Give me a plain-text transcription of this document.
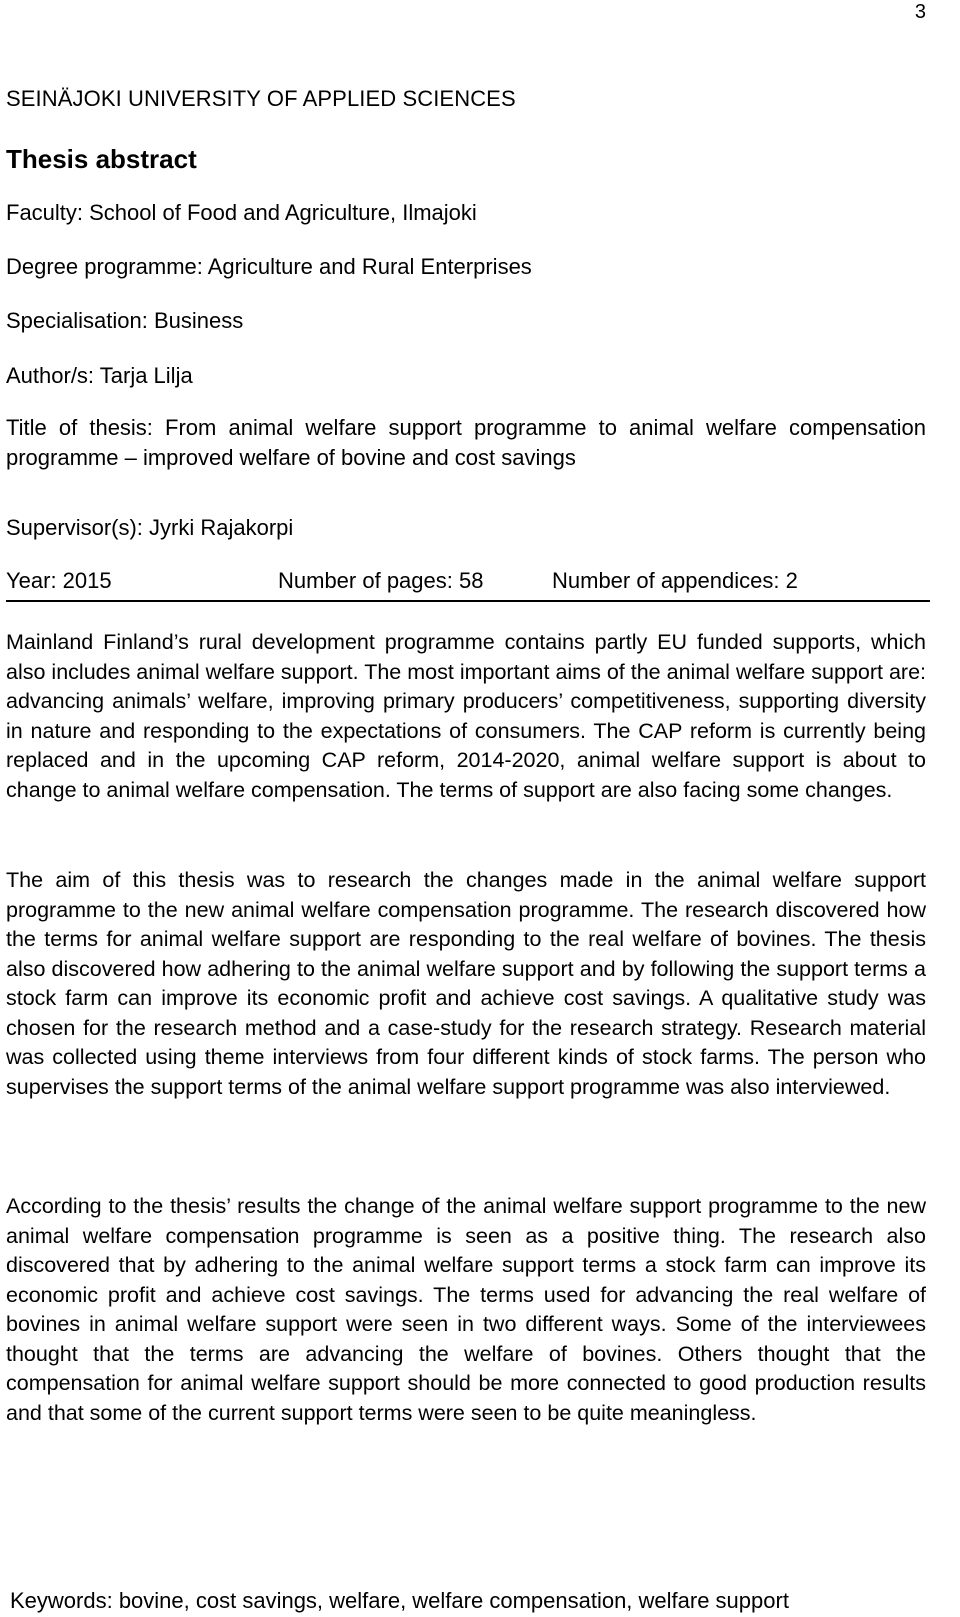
3
SEINÄJOKI UNIVERSITY OF APPLIED SCIENCES
Thesis abstract
Faculty: School of Food and Agriculture, Ilmajoki
Degree programme: Agriculture and Rural Enterprises
Specialisation: Business
Author/s: Tarja Lilja
Title of thesis: From animal welfare support programme to animal welfare compensation programme – improved welfare of bovine and cost savings
Supervisor(s): Jyrki Rajakorpi
Year: 2015	Number of pages: 58	Number of appendices: 2
Mainland Finland’s rural development programme contains partly EU funded supports, which also includes animal welfare support. The most important aims of the animal welfare support are: advancing animals’ welfare, improving primary producers’ competitiveness, supporting diversity in nature and responding to the expectations of consumers. The CAP reform is currently being replaced and in the upcoming CAP reform, 2014-2020, animal welfare support is about to change to animal welfare compensation. The terms of support are also facing some changes.
The aim of this thesis was to research the changes made in the animal welfare support programme to the new animal welfare compensation programme. The research discovered how the terms for animal welfare support are responding to the real welfare of bovines. The thesis also discovered how adhering to the animal welfare support and by following the support terms a stock farm can improve its economic profit and achieve cost savings. A qualitative study was chosen for the research method and a case-study for the research strategy. Research material was collected using theme interviews from four different kinds of stock farms. The person who supervises the support terms of the animal welfare support programme was also interviewed.
According to the thesis’ results the change of the animal welfare support programme to the new animal welfare compensation programme is seen as a positive thing. The research also discovered that by adhering to the animal welfare support terms a stock farm can improve its economic profit and achieve cost savings. The terms used for advancing the real welfare of bovines in animal welfare support were seen in two different ways. Some of the interviewees thought that the terms are advancing the welfare of bovines. Others thought that the compensation for animal welfare support should be more connected to good production results and that some of the current support terms were seen to be quite meaningless.
Keywords: bovine, cost savings, welfare, welfare compensation, welfare support
